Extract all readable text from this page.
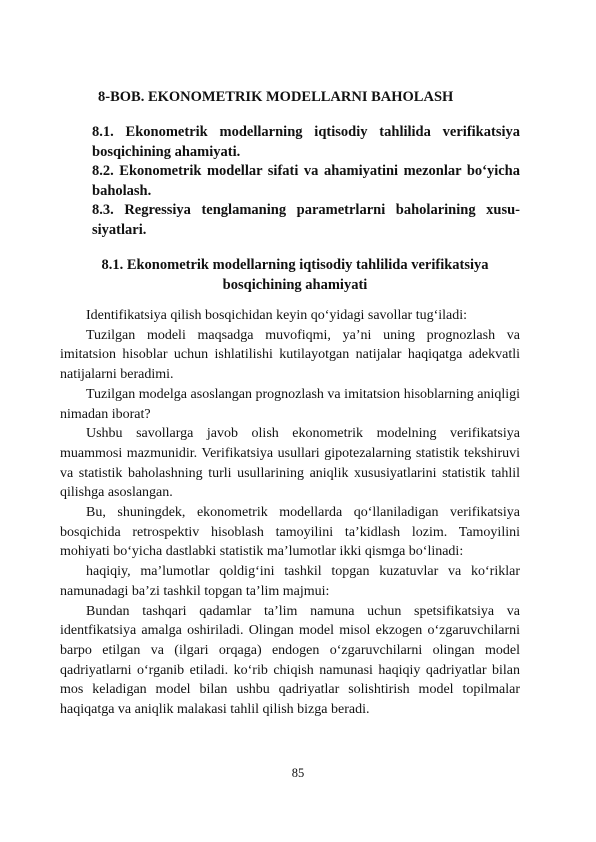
8-BOB. EKONOMETRIK MODELLARNI BAHOLASH

8.1. Ekonometrik modellarning iqtisodiy tahlilida verifikatsiya bosqichining ahamiyati.

8.2. Ekonometrik modellar sifati va ahamiyatini mezonlar bo‘yicha baholash.

8.3. Regressiya tenglamaning parametrlarni baholarining xusu-siyatlari.

8.1. Ekonometrik modellarning iqtisodiy tahlilida verifikatsiya
bosqichining ahamiyati

Identifikatsiya qilish bosqichidan keyin qo‘yidagi savollar tug‘iladi:

Tuzilgan modeli maqsadga muvofiqmi, ya’ni uning prognozlash va imitatsion hisoblar uchun ishlatilishi kutilayotgan natijalar haqiqatga adekvatli natijalarni beradimi.

Tuzilgan modelga asoslangan prognozlash va imitatsion hisoblarning aniqligi nimadan iborat?

Ushbu savollarga javob olish ekonometrik modelning verifikatsiya muammosi mazmunidir. Verifikatsiya usullari gipotezalarning statistik tekshiruvi va statistik baholashning turli usullarining aniqlik xususiyatlarini statistik tahlil qilishga asoslangan.

Bu, shuningdek, ekonometrik modellarda qo‘llaniladigan verifikatsiya bosqichida retrospektiv hisoblash tamoyilini ta’kidlash lozim. Tamoyilini mohiyati bo‘yicha dastlabki statistik ma’lumotlar ikki qismga bo‘linadi:

haqiqiy, ma’lumotlar qoldig‘ini tashkil topgan kuzatuvlar va ko‘riklar namunadagi ba’zi tashkil topgan ta’lim majmui:

Bundan tashqari qadamlar ta’lim namuna uchun spetsifikatsiya va identfikatsiya amalga oshiriladi. Olingan model misol ekzogen o‘zgaruvchilarni barpo etilgan va (ilgari orqaga) endogen o‘zgaruvchilarni olingan model qadriyatlarni o‘rganib etiladi. ko‘rib chiqish namunasi haqiqiy qadriyatlar bilan mos keladigan model bilan ushbu qadriyatlar solishtirish model topilmalar haqiqatga va aniqlik malakasi tahlil qilish bizga beradi.

85
